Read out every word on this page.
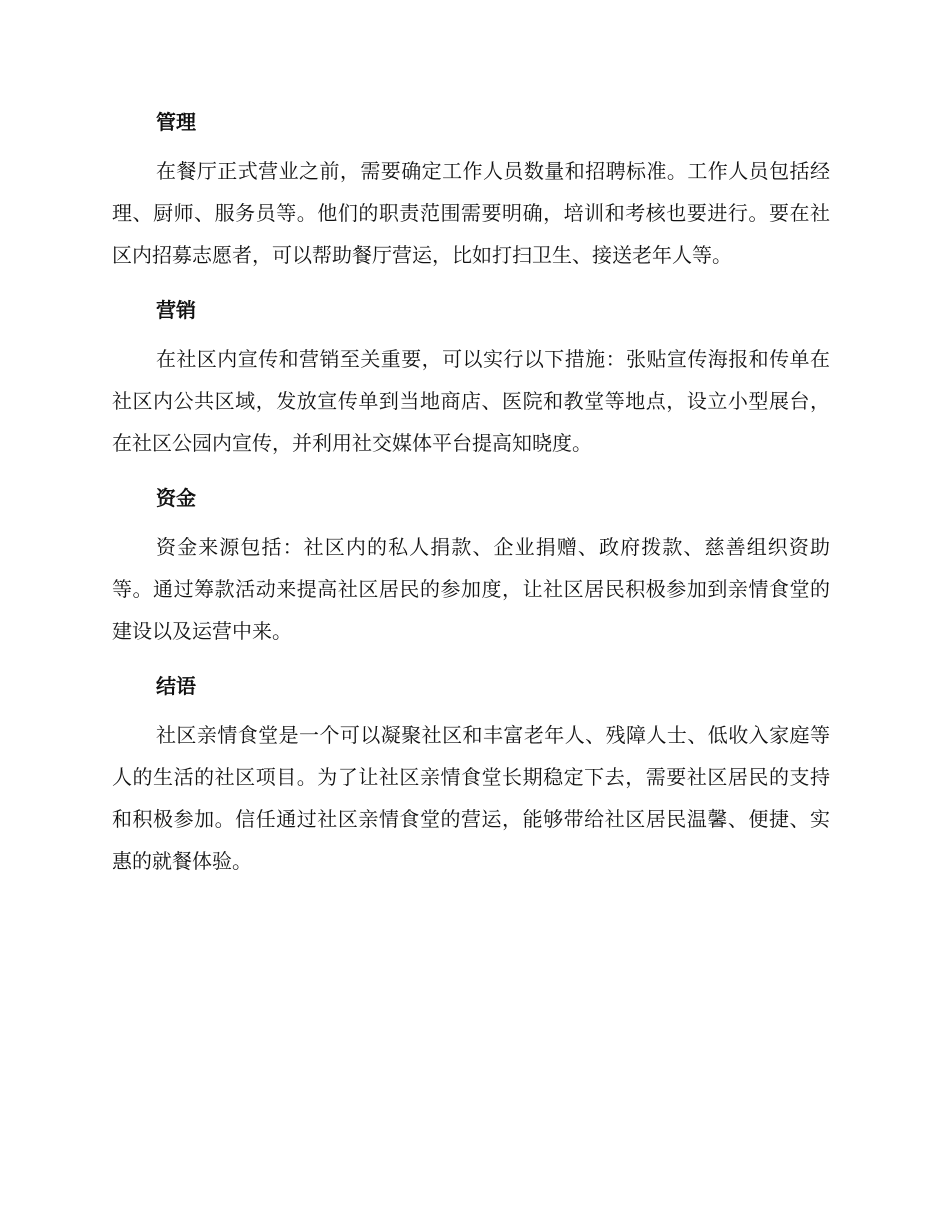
管理

在餐厅正式营业之前，需要确定工作人员数量和招聘标准。工作人员包括经理、厨师、服务员等。他们的职责范围需要明确，培训和考核也要进行。要在社区内招募志愿者，可以帮助餐厅营运，比如打扫卫生、接送老年人等。

营销

在社区内宣传和营销至关重要，可以实行以下措施：张贴宣传海报和传单在社区内公共区域，发放宣传单到当地商店、医院和教堂等地点，设立小型展台，在社区公园内宣传，并利用社交媒体平台提高知晓度。

资金

资金来源包括：社区内的私人捐款、企业捐赠、政府拨款、慈善组织资助等。通过筹款活动来提高社区居民的参加度，让社区居民积极参加到亲情食堂的建设以及运营中来。

结语

社区亲情食堂是一个可以凝聚社区和丰富老年人、残障人士、低收入家庭等人的生活的社区项目。为了让社区亲情食堂长期稳定下去，需要社区居民的支持和积极参加。信任通过社区亲情食堂的营运，能够带给社区居民温馨、便捷、实惠的就餐体验。
